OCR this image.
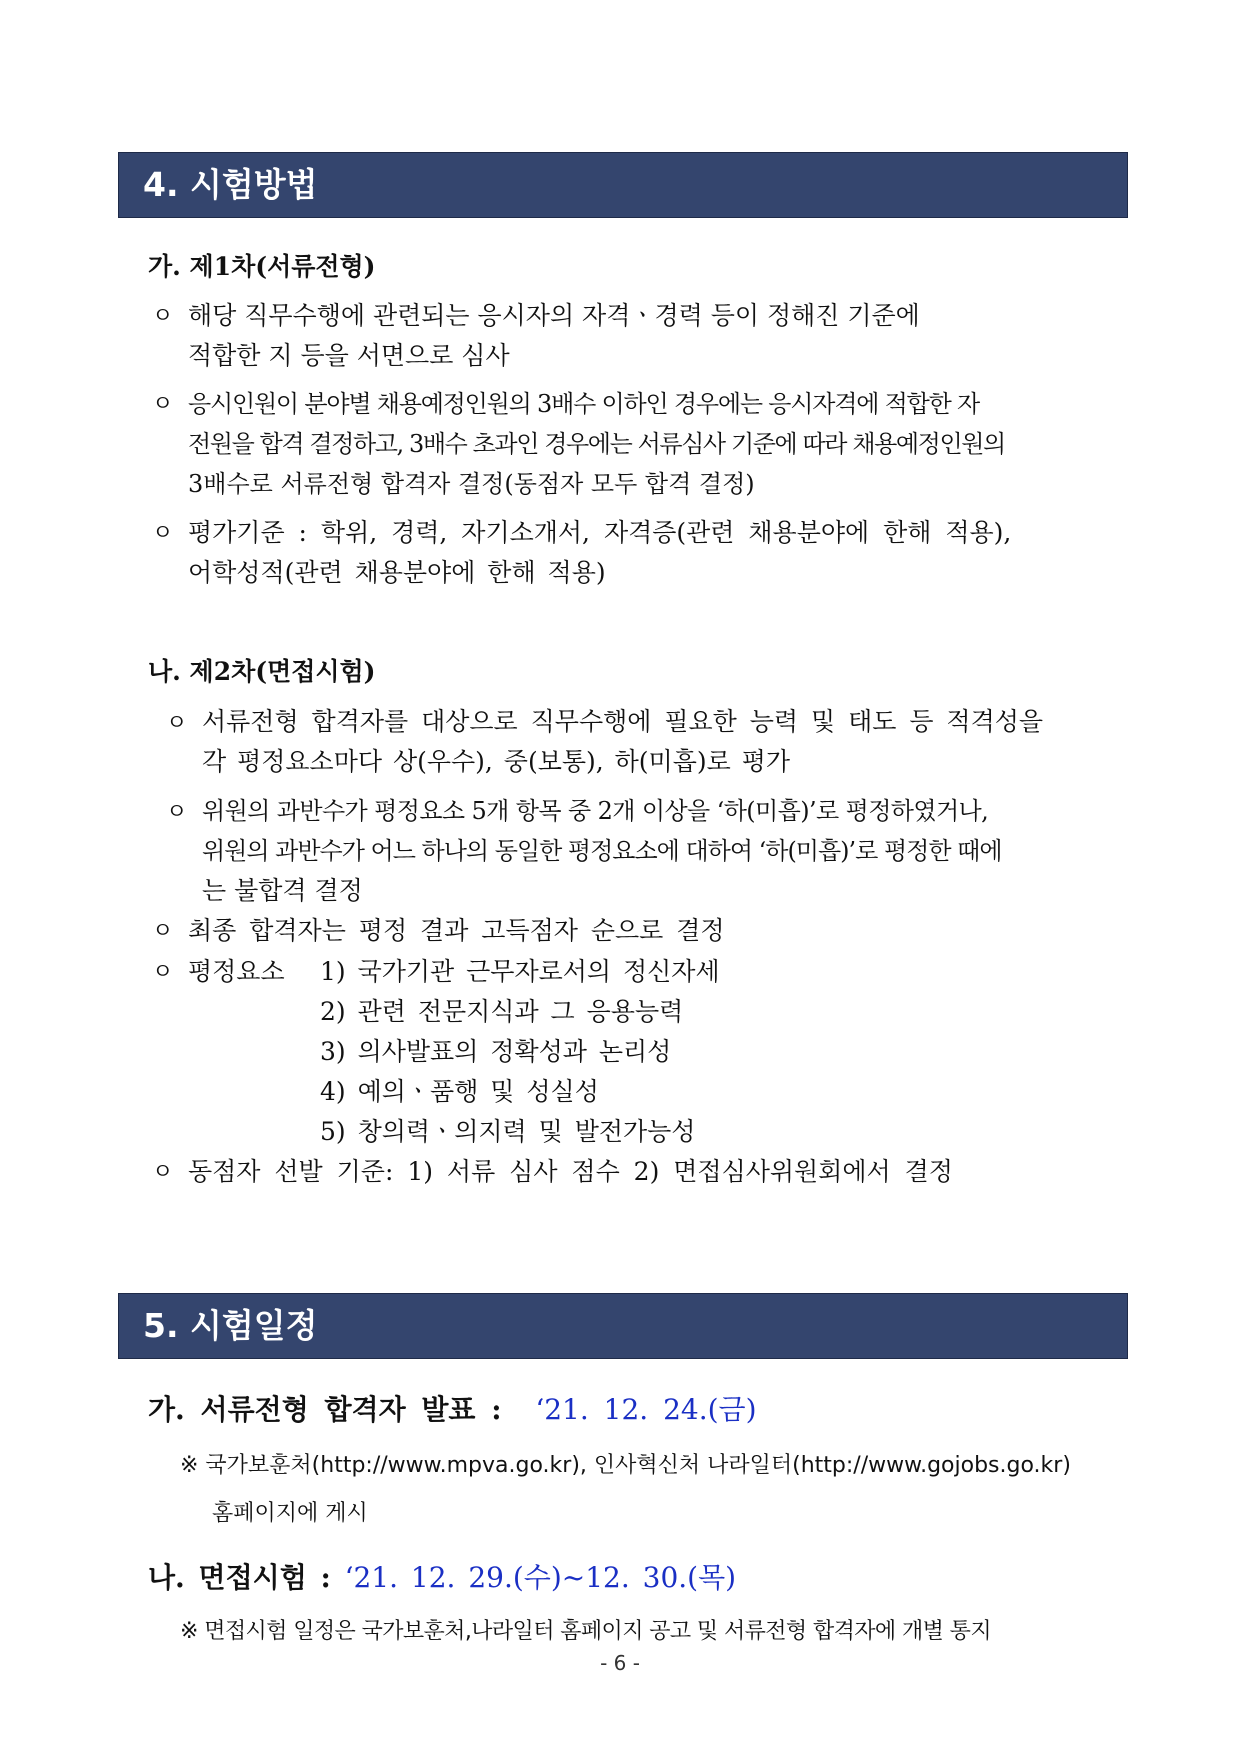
4. 시험방법
가. 제1차(서류전형)
ㅇ 해당 직무수행에 관련되는 응시자의 자격ㆍ경력 등이 정해진 기준에
적합한 지 등을 서면으로 심사
ㅇ 응시인원이 분야별 채용예정인원의 3배수 이하인 경우에는 응시자격에 적합한 자
전원을 합격 결정하고, 3배수 초과인 경우에는 서류심사 기준에 따라 채용예정인원의
3배수로 서류전형 합격자 결정(동점자 모두 합격 결정)
ㅇ 평가기준 : 학위, 경력, 자기소개서, 자격증(관련 채용분야에 한해 적용),
어학성적(관련 채용분야에 한해 적용)
나. 제2차(면접시험)
ㅇ 서류전형 합격자를 대상으로 직무수행에 필요한 능력 및 태도 등 적격성을
각 평정요소마다 상(우수), 중(보통), 하(미흡)로 평가
ㅇ 위원의 과반수가 평정요소 5개 항목 중 2개 이상을 ‘하(미흡)’로 평정하였거나,
위원의 과반수가 어느 하나의 동일한 평정요소에 대하여 ‘하(미흡)’로 평정한 때에
는 불합격 결정
ㅇ 최종 합격자는 평정 결과 고득점자 순으로 결정
ㅇ 평정요소 1) 국가기관 근무자로서의 정신자세
2) 관련 전문지식과 그 응용능력
3) 의사발표의 정확성과 논리성
4) 예의ㆍ품행 및 성실성
5) 창의력ㆍ의지력 및 발전가능성
ㅇ 동점자 선발 기준: 1) 서류 심사 점수 2) 면접심사위원회에서 결정
5. 시험일정
가. 서류전형 합격자 발표 : ‘21. 12. 24.(금)
※ 국가보훈처(http://www.mpva.go.kr), 인사혁신처 나라일터(http://www.gojobs.go.kr)
홈페이지에 게시
나. 면접시험 : ‘21. 12. 29.(수)~12. 30.(목)
※ 면접시험 일정은 국가보훈처,나라일터 홈페이지 공고 및 서류전형 합격자에 개별 통지
- 6 -
